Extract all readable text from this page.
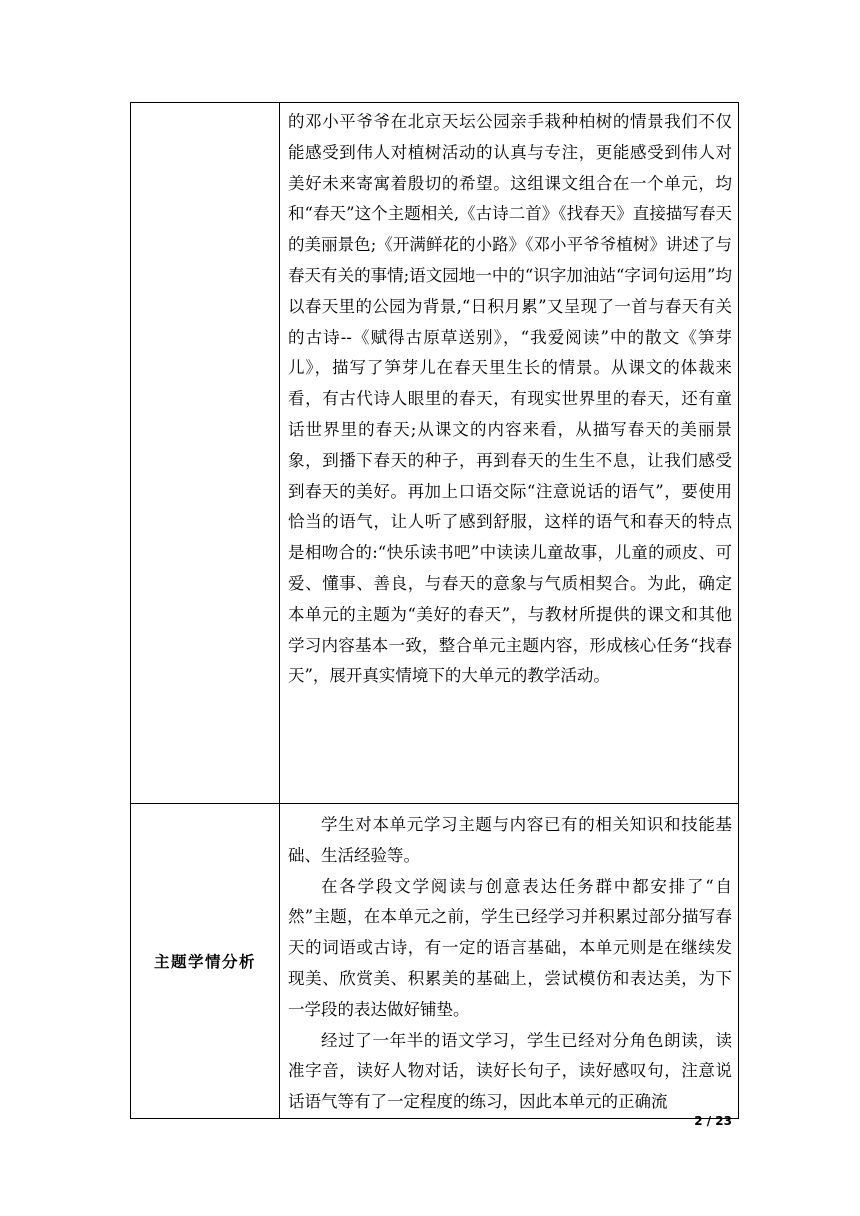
	的邓小平爷爷在北京天坛公园亲手栽种柏树的情景我们不仅能感受到伟人对植树活动的认真与专注，更能感受到伟人对美好未来寄寓着殷切的希望。这组课文组合在一个单元，均和“春天”这个主题相关,《古诗二首》《找春天》直接描写春天的美丽景色;《开满鲜花的小路》《邓小平爷爷植树》讲述了与春天有关的事情;语文园地一中的“识字加油站“字词句运用”均以春天里的公园为背景,“日积月累”又呈现了一首与春天有关的古诗--《赋得古原草送别》，“我爱阅读”中的散文《笋芽儿》，描写了笋芽儿在春天里生长的情景。从课文的体裁来看，有古代诗人眼里的春天，有现实世界里的春天，还有童话世界里的春天;从课文的内容来看，从描写春天的美丽景象，到播下春天的种子，再到春天的生生不息，让我们感受到春天的美好。再加上口语交际“注意说话的语气”，要使用恰当的语气，让人听了感到舒服，这样的语气和春天的特点是相吻合的:“快乐读书吧”中读读儿童故事，儿童的顽皮、可爱、懂事、善良，与春天的意象与气质相契合。为此，确定本单元的主题为“美好的春天”，与教材所提供的课文和其他学习内容基本一致，整合单元主题内容，形成核心任务“找春天”，展开真实情境下的大单元的教学活动。

主题学情分析	学生对本单元学习主题与内容已有的相关知识和技能基础、生活经验等。

在各学段文学阅读与创意表达任务群中都安排了“自然”主题，在本单元之前，学生已经学习并积累过部分描写春天的词语或古诗，有一定的语言基础，本单元则是在继续发现美、欣赏美、积累美的基础上，尝试模仿和表达美，为下一学段的表达做好铺垫。

经过了一年半的语文学习，学生已经对分角色朗读，读准字音，读好人物对话，读好长句子，读好感叹句，注意说话语气等有了一定程度的练习，因此本单元的正确流

2 / 23
